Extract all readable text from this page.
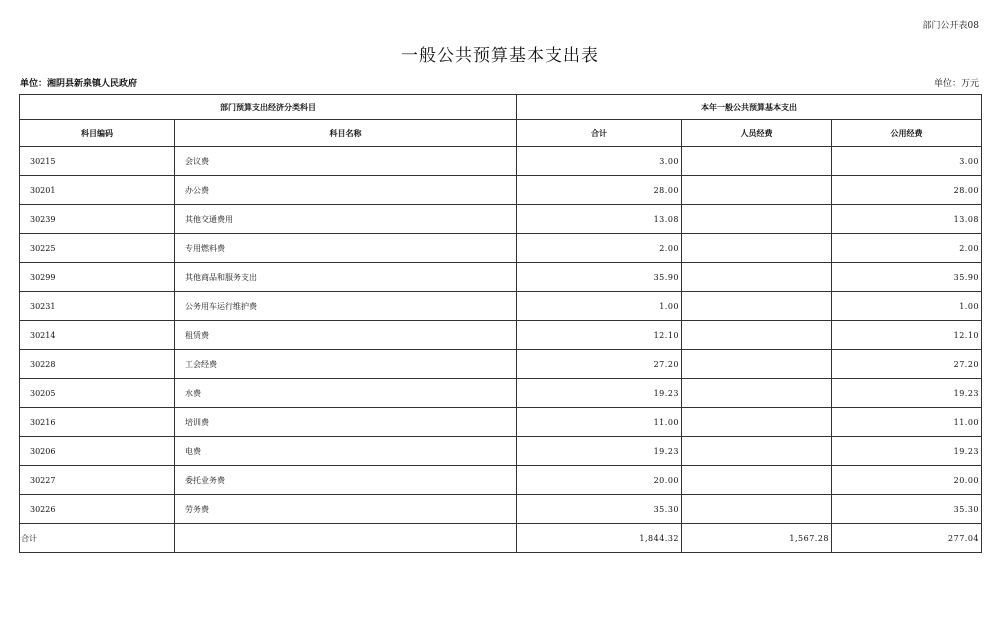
部门公开表08
一般公共预算基本支出表
单位：湘阴县新泉镇人民政府	单位：万元
部门预算支出经济分类科目		本年一般公共预算基本支出		
科目编码	科目名称	合计	人员经费	公用经费
30215	会议费	3.00		3.00
30201	办公费	28.00		28.00
30239	其他交通费用	13.08		13.08
30225	专用燃料费	2.00		2.00
30299	其他商品和服务支出	35.90		35.90
30231	公务用车运行维护费	1.00		1.00
30214	租赁费	12.10		12.10
30228	工会经费	27.20		27.20
30205	水费	19.23		19.23
30216	培训费	11.00		11.00
30206	电费	19.23		19.23
30227	委托业务费	20.00		20.00
30226	劳务费	35.30		35.30
合计		1,844.32	1,567.28	277.04
